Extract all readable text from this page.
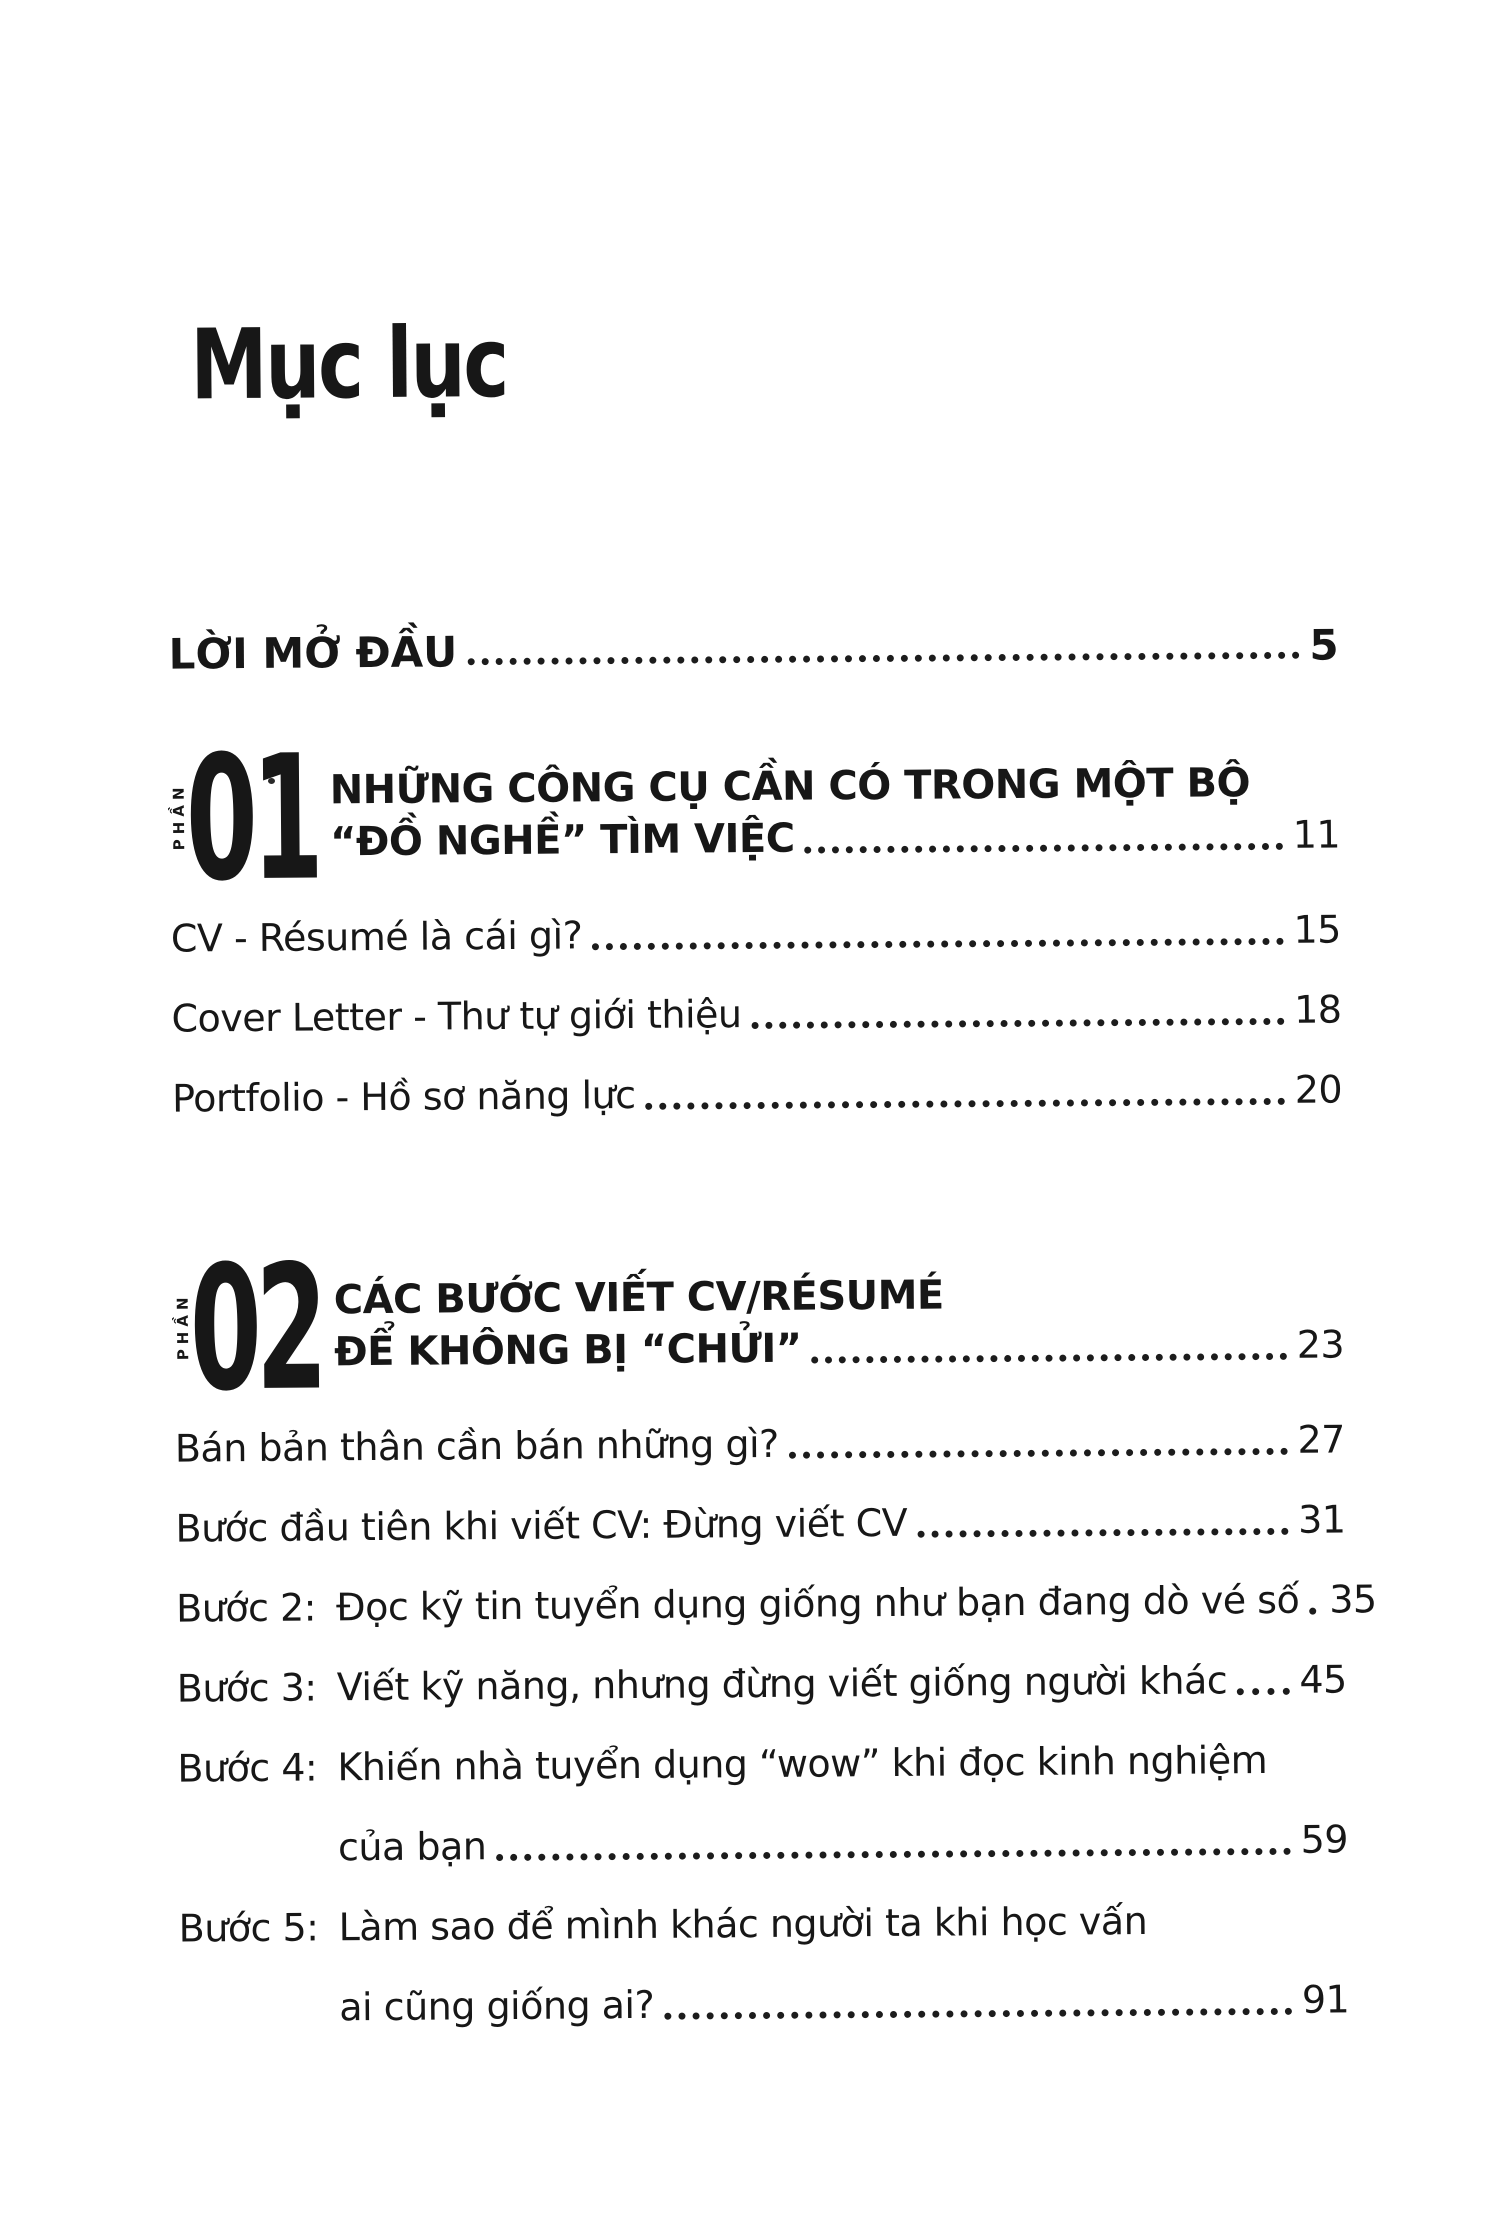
Mục lục
LỜI MỞ ĐẦU	5
PHẦN
01 NHỮNG CÔNG CỤ CẦN CÓ TRONG MỘT BỘ
“ĐỒ NGHỀ” TÌM VIỆC	11
CV - Résumé là cái gì?	15
Cover Letter - Thư tự giới thiệu	18
Portfolio - Hồ sơ năng lực	20
PHẦN
02 CÁC BƯỚC VIẾT CV/RÉSUMÉ
ĐỂ KHÔNG BỊ “CHỬI”	23
Bán bản thân cần bán những gì?	27
Bước đầu tiên khi viết CV: Đừng viết CV	31
Bước 2: Đọc kỹ tin tuyển dụng giống như bạn đang dò vé số 35
Bước 3: Viết kỹ năng, nhưng đừng viết giống người khác 45
Bước 4: Khiến nhà tuyển dụng “wow” khi đọc kinh nghiệm
của bạn	59
Bước 5: Làm sao để mình khác người ta khi học vấn
ai cũng giống ai?	91
